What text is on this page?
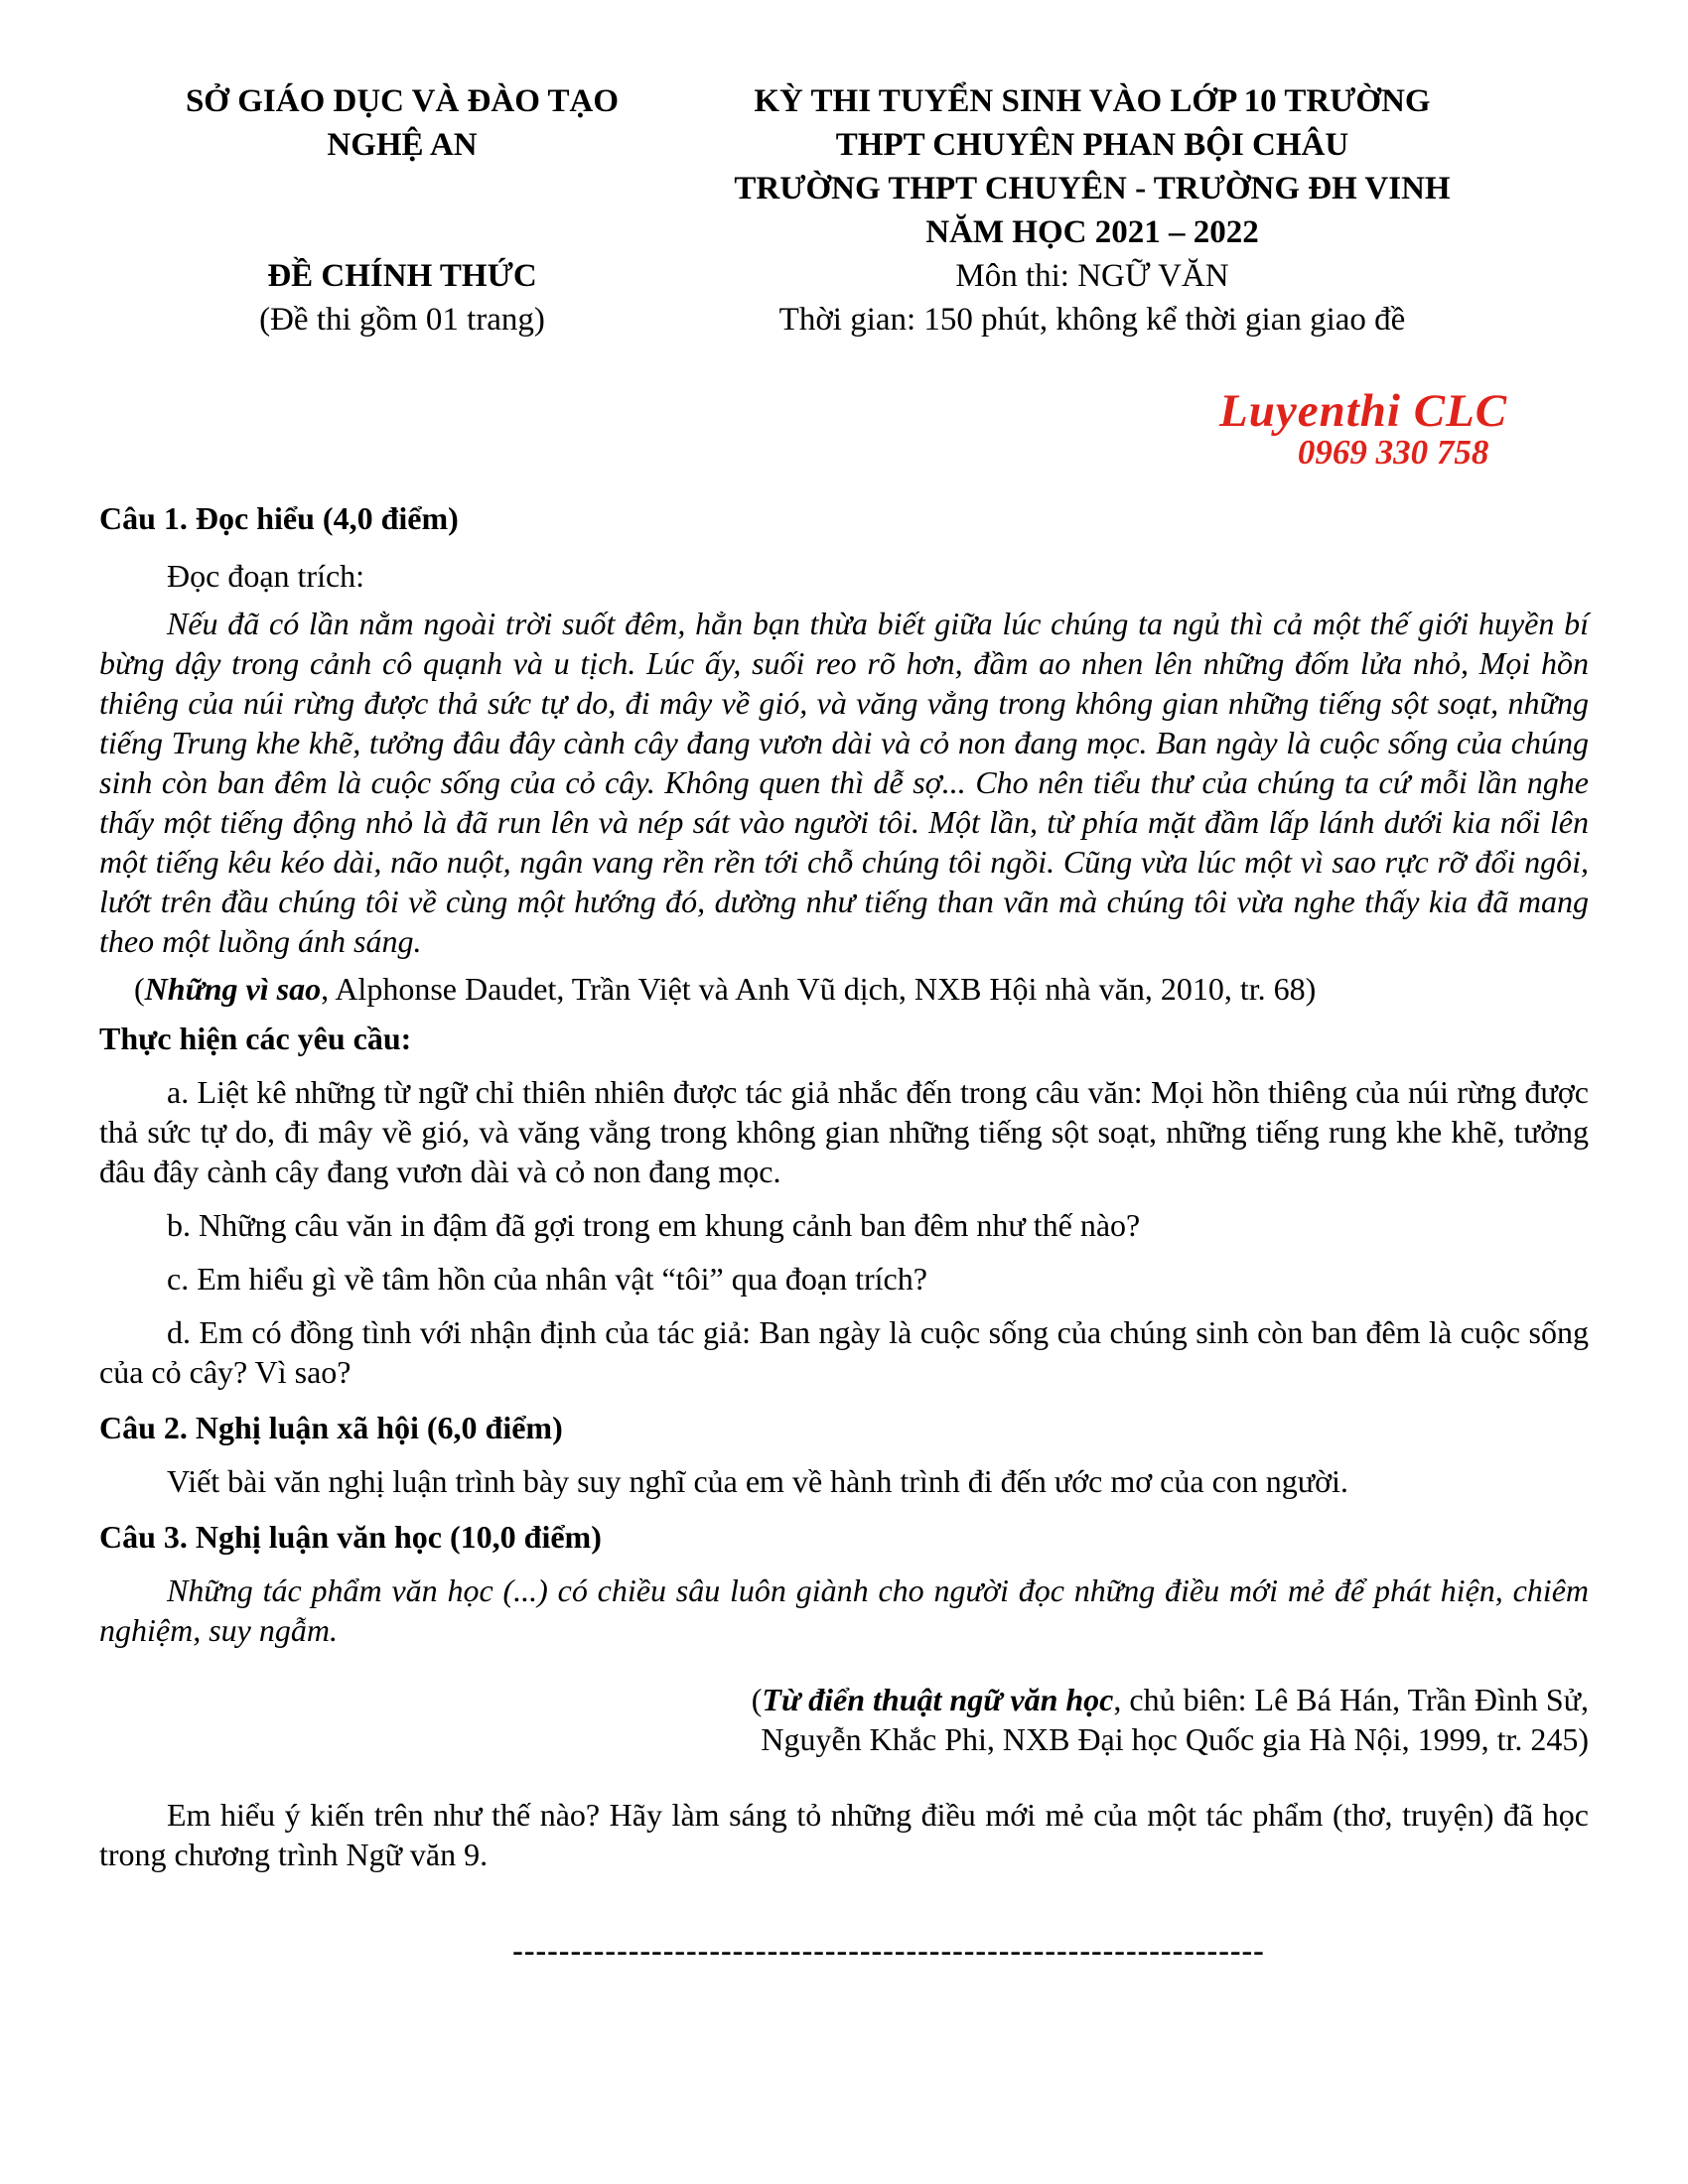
SỞ GIÁO DỤC VÀ ĐÀO TẠO
NGHỆ AN
ĐỀ CHÍNH THỨC
(Đề thi gồm 01 trang)
KỲ THI TUYỂN SINH VÀO LỚP 10 TRƯỜNG
THPT CHUYÊN PHAN BỘI CHÂU
TRƯỜNG THPT CHUYÊN - TRƯỜNG ĐH VINH
NĂM HỌC 2021 – 2022
Môn thi: NGỮ VĂN
Thời gian: 150 phút, không kể thời gian giao đề
Luyenthi CLC
0969 330 758

Câu 1. Đọc hiểu (4,0 điểm)

Đọc đoạn trích:

Nếu đã có lần nằm ngoài trời suốt đêm, hẳn bạn thừa biết giữa lúc chúng ta ngủ thì cả một thế giới huyền bí bừng dậy trong cảnh cô quạnh và u tịch. Lúc ấy, suối reo rõ hơn, đầm ao nhen lên những đốm lửa nhỏ, Mọi hồn thiêng của núi rừng được thả sức tự do, đi mây về gió, và văng vẳng trong không gian những tiếng sột soạt, những tiếng Trung khe khẽ, tưởng đâu đây cành cây đang vươn dài và cỏ non đang mọc. Ban ngày là cuộc sống của chúng sinh còn ban đêm là cuộc sống của cỏ cây. Không quen thì dễ sợ... Cho nên tiểu thư của chúng ta cứ mỗi lần nghe thấy một tiếng động nhỏ là đã run lên và nép sát vào người tôi. Một lần, từ phía mặt đầm lấp lánh dưới kia nổi lên một tiếng kêu kéo dài, não nuột, ngân vang rền rền tới chỗ chúng tôi ngồi. Cũng vừa lúc một vì sao rực rỡ đổi ngôi, lướt trên đầu chúng tôi về cùng một hướng đó, dường như tiếng than vãn mà chúng tôi vừa nghe thấy kia đã mang theo một luồng ánh sáng.

(Những vì sao, Alphonse Daudet, Trần Việt và Anh Vũ dịch, NXB Hội nhà văn, 2010, tr. 68)

Thực hiện các yêu cầu:

a. Liệt kê những từ ngữ chỉ thiên nhiên được tác giả nhắc đến trong câu văn: Mọi hồn thiêng của núi rừng được thả sức tự do, đi mây về gió, và văng vẳng trong không gian những tiếng sột soạt, những tiếng rung khe khẽ, tưởng đâu đây cành cây đang vươn dài và cỏ non đang mọc.

b. Những câu văn in đậm đã gợi trong em khung cảnh ban đêm như thế nào?

c. Em hiểu gì về tâm hồn của nhân vật “tôi” qua đoạn trích?

d. Em có đồng tình với nhận định của tác giả: Ban ngày là cuộc sống của chúng sinh còn ban đêm là cuộc sống của cỏ cây? Vì sao?

Câu 2. Nghị luận xã hội (6,0 điểm)

Viết bài văn nghị luận trình bày suy nghĩ của em về hành trình đi đến ước mơ của con người.

Câu 3. Nghị luận văn học (10,0 điểm)

Những tác phẩm văn học (...) có chiều sâu luôn giành cho người đọc những điều mới mẻ để phát hiện, chiêm nghiệm, suy ngẫm.

(Từ điển thuật ngữ văn học, chủ biên: Lê Bá Hán, Trần Đình Sử,
Nguyễn Khắc Phi, NXB Đại học Quốc gia Hà Nội, 1999, tr. 245)

Em hiểu ý kiến trên như thế nào? Hãy làm sáng tỏ những điều mới mẻ của một tác phẩm (thơ, truyện) đã học trong chương trình Ngữ văn 9.

-----------------------------------------------------------------
